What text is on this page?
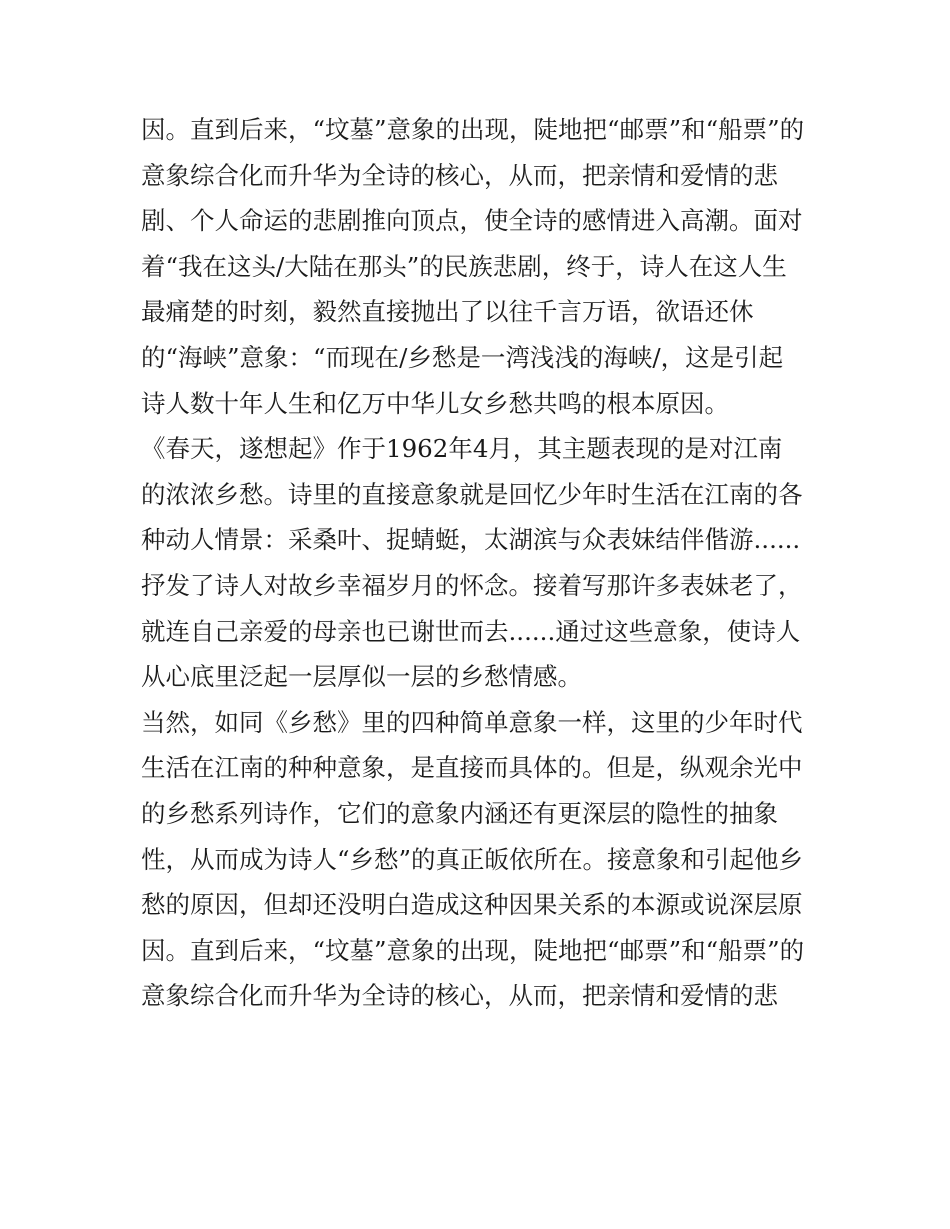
因。直到后来，“坟墓”意象的出现，陡地把“邮票”和“船票”的
意象综合化而升华为全诗的核心，从而，把亲情和爱情的悲
剧、个人命运的悲剧推向顶点，使全诗的感情进入高潮。面对
着“我在这头/大陆在那头”的民族悲剧，终于，诗人在这人生
最痛楚的时刻，毅然直接抛出了以往千言万语，欲语还休
的“海峡”意象：“而现在/乡愁是一湾浅浅的海峡/，这是引起
诗人数十年人生和亿万中华儿女乡愁共鸣的根本原因。
《春天，遂想起》作于1962年4月，其主题表现的是对江南
的浓浓乡愁。诗里的直接意象就是回忆少年时生活在江南的各
种动人情景：采桑叶、捉蜻蜓，太湖滨与众表妹结伴偕游......
抒发了诗人对故乡幸福岁月的怀念。接着写那许多表妹老了，
就连自己亲爱的母亲也已谢世而去......通过这些意象，使诗人
从心底里泛起一层厚似一层的乡愁情感。
当然，如同《乡愁》里的四种简单意象一样，这里的少年时代
生活在江南的种种意象，是直接而具体的。但是，纵观余光中
的乡愁系列诗作，它们的意象内涵还有更深层的隐性的抽象
性，从而成为诗人“乡愁”的真正皈依所在。接意象和引起他乡
愁的原因，但却还没明白造成这种因果关系的本源或说深层原
因。直到后来，“坟墓”意象的出现，陡地把“邮票”和“船票”的
意象综合化而升华为全诗的核心，从而，把亲情和爱情的悲
